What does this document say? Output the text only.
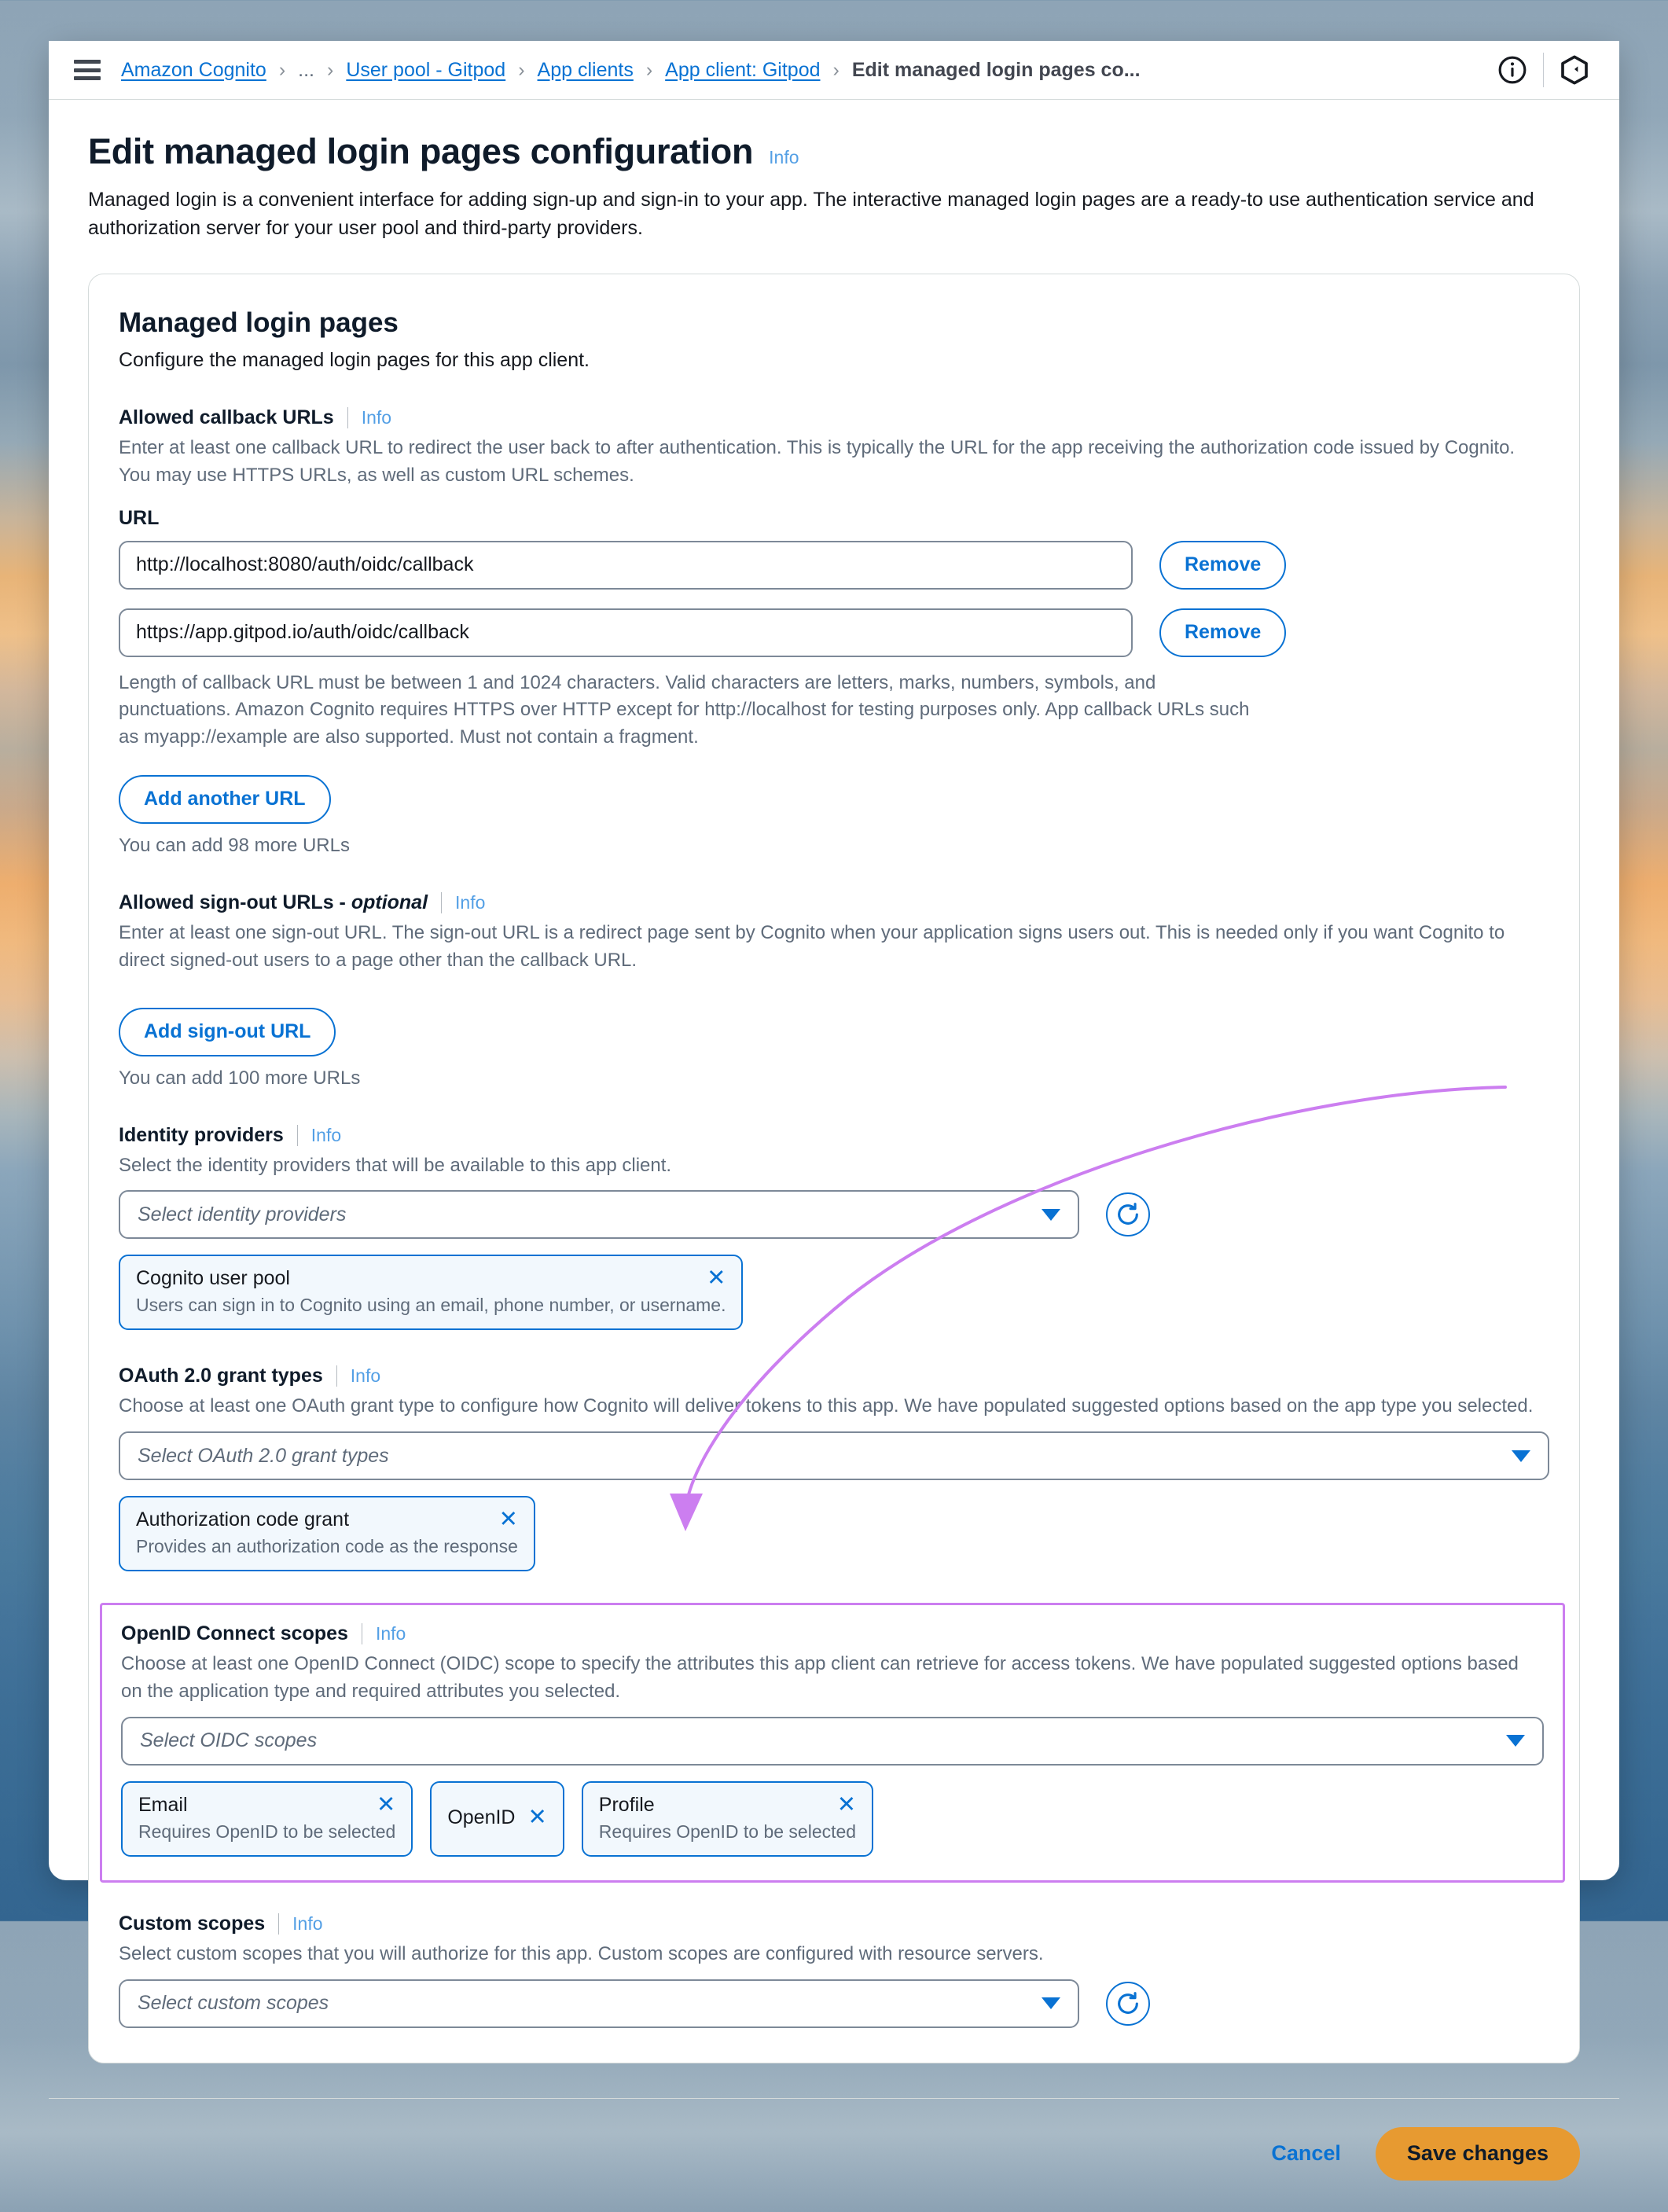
Amazon Cognito › ... › User pool - Gitpod › App clients › App client: Gitpod › Edit managed login pages co...
Edit managed login pages configuration Info

Managed login is a convenient interface for adding sign-up and sign-in to your app. The interactive managed login pages are a ready-to use authentication service and authorization server for your user pool and third-party providers.

Managed login pages
Configure the managed login pages for this app client.
Allowed callback URLs Info
Enter at least one callback URL to redirect the user back to after authentication. This is typically the URL for the app receiving the authorization code issued by Cognito. You may use HTTPS URLs, as well as custom URL schemes.
URL
http://localhost:8080/auth/oidc/callback
Remove
https://app.gitpod.io/auth/oidc/callback
Remove
Length of callback URL must be between 1 and 1024 characters. Valid characters are letters, marks, numbers, symbols, and punctuations. Amazon Cognito requires HTTPS over HTTP except for http://localhost for testing purposes only. App callback URLs such as myapp://example are also supported. Must not contain a fragment.
Add another URL
You can add 98 more URLs
Allowed sign-out URLs - optional Info
Enter at least one sign-out URL. The sign-out URL is a redirect page sent by Cognito when your application signs users out. This is needed only if you want Cognito to direct signed-out users to a page other than the callback URL.
Add sign-out URL
You can add 100 more URLs
Identity providers Info
Select the identity providers that will be available to this app client.
Select identity providers
Cognito user pool	✕
Users can sign in to Cognito using an email, phone number, or username.
OAuth 2.0 grant types Info
Choose at least one OAuth grant type to configure how Cognito will deliver tokens to this app. We have populated suggested options based on the app type you selected.
Select OAuth 2.0 grant types
Authorization code grant	✕
Provides an authorization code as the response
OpenID Connect scopes Info
Choose at least one OpenID Connect (OIDC) scope to specify the attributes this app client can retrieve for access tokens. We have populated suggested options based on the application type and required attributes you selected.
Select OIDC scopes
Email	✕
Requires OpenID to be selected
OpenID ✕
Profile	✕
Requires OpenID to be selected
Custom scopes Info
Select custom scopes that you will authorize for this app. Custom scopes are configured with resource servers.
Select custom scopes
Cancel	Save changes
